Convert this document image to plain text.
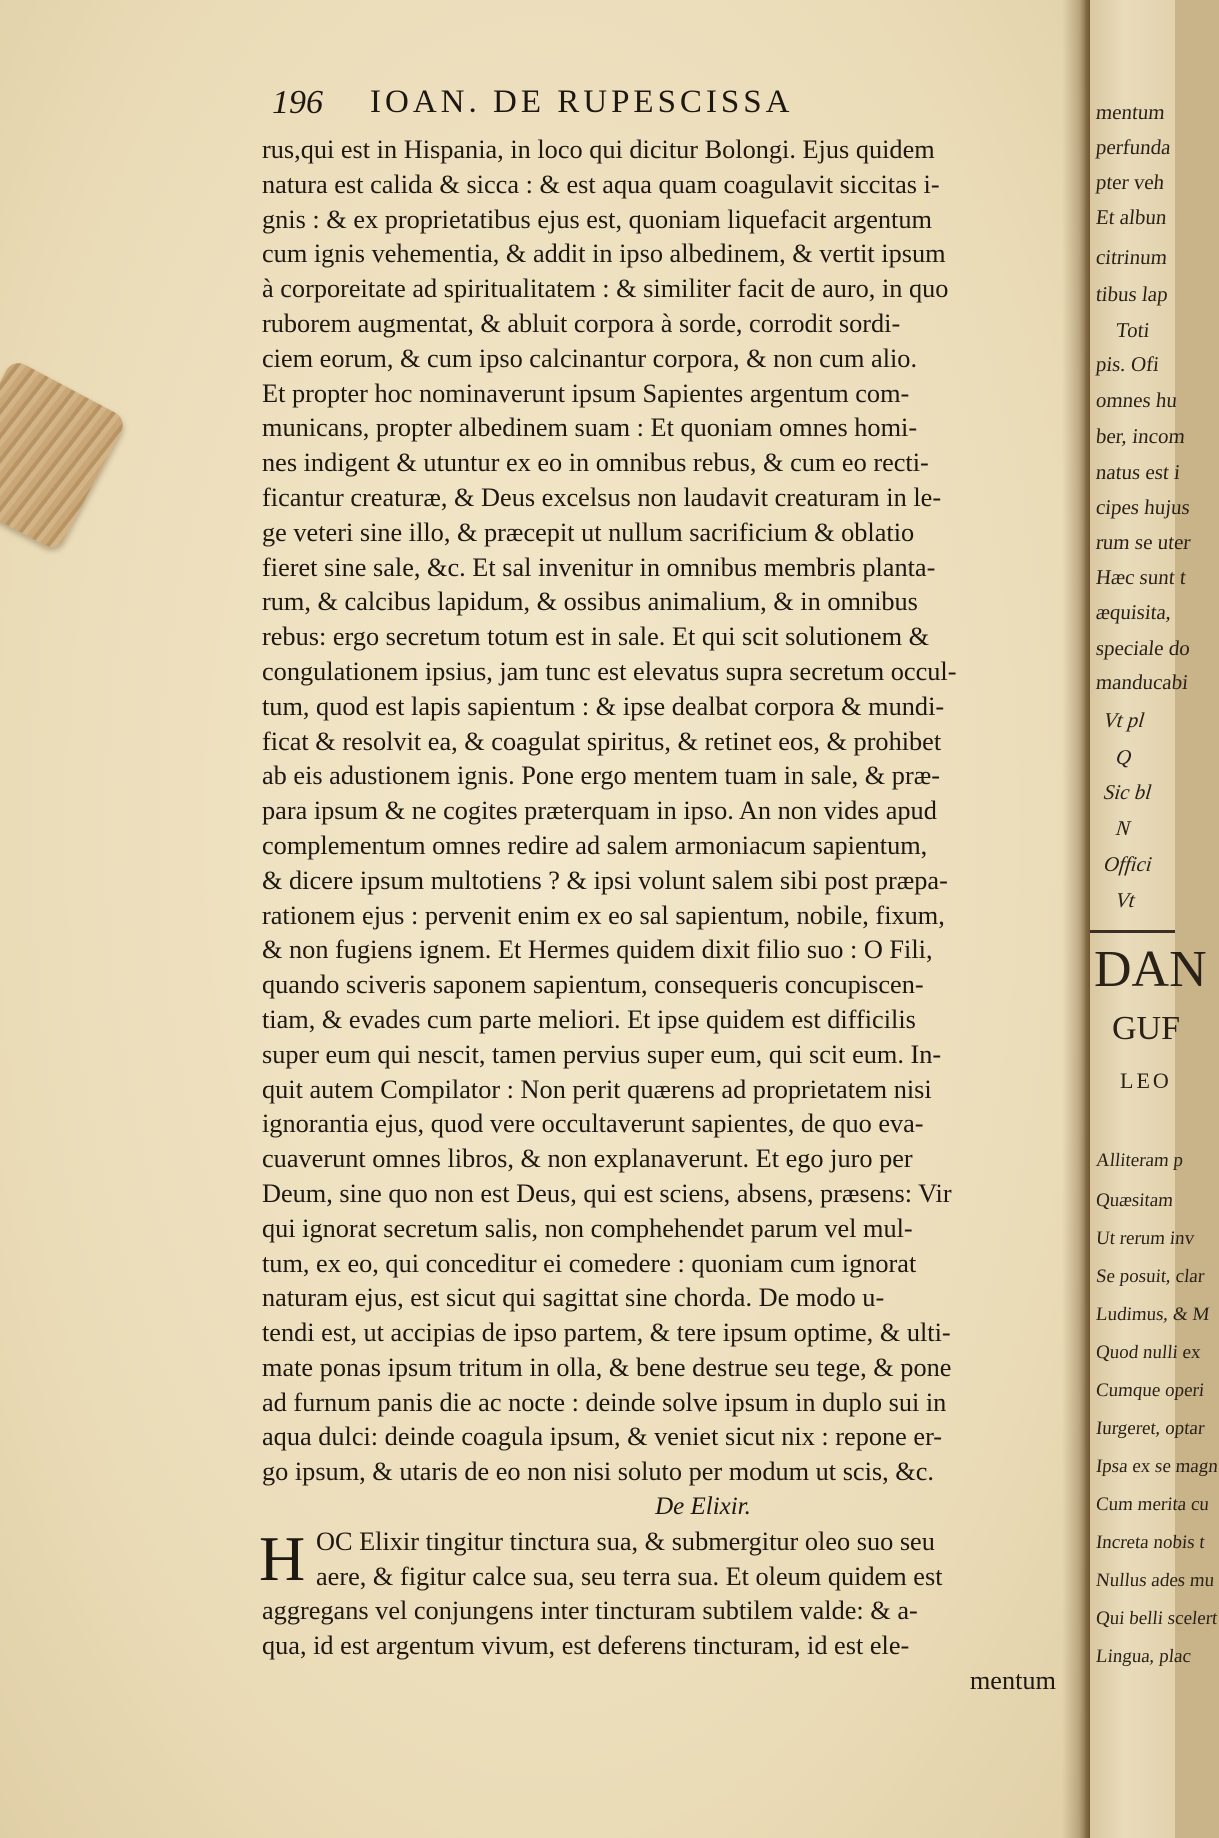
196 IOAN. DE RUPESCISSA
rus,qui est in Hispania, in loco qui dicitur Bolongi. Ejus quidem
natura est calida & sicca : & est aqua quam coagulavit siccitas i-
gnis : & ex proprietatibus ejus est, quoniam liquefacit argentum
cum ignis vehementia, & addit in ipso albedinem, & vertit ipsum
à corporeitate ad spiritualitatem : & similiter facit de auro, in quo
ruborem augmentat, & abluit corpora à sorde, corrodit sordi-
ciem eorum, & cum ipso calcinantur corpora, & non cum alio.
Et propter hoc nominaverunt ipsum Sapientes argentum com-
municans, propter albedinem suam : Et quoniam omnes homi-
nes indigent & utuntur ex eo in omnibus rebus, & cum eo recti-
ficantur creaturæ, & Deus excelsus non laudavit creaturam in le-
ge veteri sine illo, & præcepit ut nullum sacrificium & oblatio
fieret sine sale, &c. Et sal invenitur in omnibus membris planta-
rum, & calcibus lapidum, & ossibus animalium, & in omnibus
rebus: ergo secretum totum est in sale. Et qui scit solutionem &
congulationem ipsius, jam tunc est elevatus supra secretum occul-
tum, quod est lapis sapientum : & ipse dealbat corpora & mundi-
ficat & resolvit ea, & coagulat spiritus, & retinet eos, & prohibet
ab eis adustionem ignis. Pone ergo mentem tuam in sale, & præ-
para ipsum & ne cogites præterquam in ipso. An non vides apud
complementum omnes redire ad salem armoniacum sapientum,
& dicere ipsum multotiens ? & ipsi volunt salem sibi post præpa-
rationem ejus : pervenit enim ex eo sal sapientum, nobile, fixum,
& non fugiens ignem. Et Hermes quidem dixit filio suo : O Fili,
quando sciveris saponem sapientum, consequeris concupiscen-
tiam, & evades cum parte meliori. Et ipse quidem est difficilis
super eum qui nescit, tamen pervius super eum, qui scit eum. In-
quit autem Compilator : Non perit quærens ad proprietatem nisi
ignorantia ejus, quod vere occultaverunt sapientes, de quo eva-
cuaverunt omnes libros, & non explanaverunt. Et ego juro per
Deum, sine quo non est Deus, qui est sciens, absens, præsens: Vir
qui ignorat secretum salis, non comphehendet parum vel mul-
tum, ex eo, qui conceditur ei comedere : quoniam cum ignorat
naturam ejus, est sicut qui sagittat sine chorda. De modo u-
tendi est, ut accipias de ipso partem, & tere ipsum optime, & ulti-
mate ponas ipsum tritum in olla, & bene destrue seu tege, & pone
ad furnum panis die ac nocte : deinde solve ipsum in duplo sui in
aqua dulci: deinde coagula ipsum, & veniet sicut nix : repone er-
go ipsum, & utaris de eo non nisi soluto per modum ut scis, &c.
De Elixir.
H OC Elixir tingitur tinctura sua, & submergitur oleo suo seu
aere, & figitur calce sua, seu terra sua. Et oleum quidem est
aggregans vel conjungens inter tincturam subtilem valde: & a-
qua, id est argentum vivum, est deferens tincturam, id est ele-
mentum
mentum
perfunda
pter veh
Et albun
citrinum
tibus lap
Toti
pis. Ofi
omnes hu
ber, incom
natus est i
cipes hujus
rum se uter
Hæc sunt t
æquisita,
speciale do
manducabi
Vt pl
Q
Sic bl
N
Offici
Vt
DAN
GUF
LEO
Alliteram p
Quæsitam
Ut rerum inv
Se posuit, clar
Ludimus, & M
Quod nulli ex
Cumque operi
Iurgeret, optar
Ipsa ex se magn
Cum merita cu
Increta nobis t
Nullus ades mu
Qui belli scelert
Lingua, plac
